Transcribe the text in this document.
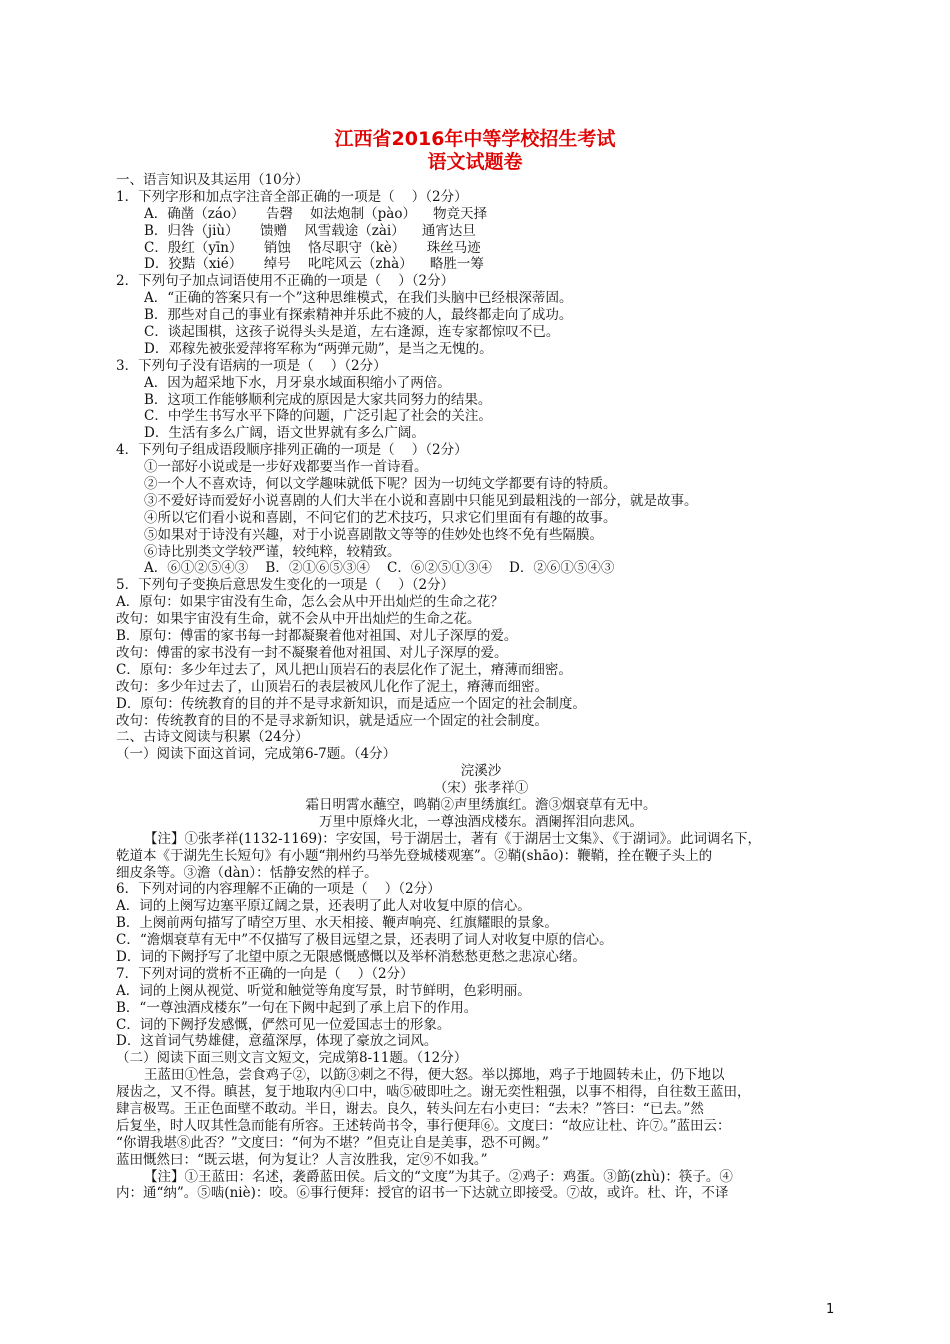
江西省2016年中等学校招生考试
语文试题卷
一、语言知识及其运用（10分）
1．下列字形和加点字注音全部正确的一项是（    ）（2分）
A．确凿（záo）     告磬    如法炮制（pào）    物竞天择
B．归咎（jiù）     馈赠    风雪载途（zài）    通宵达旦
C．殷红（yīn）     销蚀    恪尽职守（kè）     珠丝马迹
D．狡黠（xié）     绰号    叱咤风云（zhà）    略胜一筹
2．下列句子加点词语使用不正确的一项是（    ）（2分）
A．“正确的答案只有一个”这种思维模式，在我们头脑中已经根深蒂固。
B．那些对自己的事业有探索精神并乐此不疲的人，最终都走向了成功。
C．谈起围棋，这孩子说得头头是道，左右逢源，连专家都惊叹不已。
D．邓稼先被张爱萍将军称为“两弹元勋”，是当之无愧的。
3．下列句子没有语病的一项是（    ）（2分）
A．因为超采地下水，月牙泉水域面积缩小了两倍。
B．这项工作能够顺利完成的原因是大家共同努力的结果。
C．中学生书写水平下降的问题，广泛引起了社会的关注。
D．生活有多么广阔，语文世界就有多么广阔。
4．下列句子组成语段顺序排列正确的一项是（    ）（2分）
①一部好小说或是一步好戏都要当作一首诗看。
②一个人不喜欢诗，何以文学趣味就低下呢？因为一切纯文学都要有诗的特质。
③不爱好诗而爱好小说喜剧的人们大半在小说和喜剧中只能见到最粗浅的一部分，就是故事。
④所以它们看小说和喜剧，不问它们的艺术技巧，只求它们里面有有趣的故事。
⑤如果对于诗没有兴趣，对于小说喜剧散文等等的佳妙处也终不免有些隔膜。
⑥诗比别类文学较严谨，较纯粹，较精致。
A．⑥①②⑤④③    B．②①⑥⑤③④    C．⑥②⑤①③④    D．②⑥①⑤④③
5．下列句子变换后意思发生变化的一项是（    ）（2分）
A．原句：如果宇宙没有生命，怎么会从中开出灿烂的生命之花？
改句：如果宇宙没有生命，就不会从中开出灿烂的生命之花。
B．原句：傅雷的家书每一封都凝聚着他对祖国、对儿子深厚的爱。
改句：傅雷的家书没有一封不凝聚着他对祖国、对儿子深厚的爱。
C．原句：多少年过去了，风儿把山顶岩石的表层化作了泥土，瘠薄而细密。
改句：多少年过去了，山顶岩石的表层被风儿化作了泥土，瘠薄而细密。
D．原句：传统教育的目的并不是寻求新知识，而是适应一个固定的社会制度。
改句：传统教育的目的不是寻求新知识，就是适应一个固定的社会制度。
二、古诗文阅读与积累（24分）
（一）阅读下面这首词，完成第6-7题。（4分）
浣溪沙
（宋）张孝祥①
霜日明霄水蘸空，鸣鞘②声里绣旗红。澹③烟衰草有无中。
万里中原烽火北，一尊浊酒戍楼东。酒阑挥泪向悲风。
【注】①张孝祥(1132-1169)：字安国，号于湖居士，著有《于湖居士文集》、《于湖词》。此词调名下，
乾道本《于湖先生长短句》有小题“荆州约马举先登城楼观塞”。②鞘(shāo)：鞭鞘，拴在鞭子头上的
细皮条等。③澹（dàn）：恬静安然的样子。
6．下列对词的内容理解不正确的一项是（    ）（2分）
A．词的上阕写边塞平原辽阔之景，还表明了此人对收复中原的信心。
B．上阕前两句描写了晴空万里、水天相接、鞭声响亮、红旗耀眼的景象。
C．“澹烟衰草有无中”不仅描写了极目远望之景，还表明了词人对收复中原的信心。
D．词的下阙抒写了北望中原之无限感慨感慨以及举杯消愁愁更愁之悲凉心绪。
7．下列对词的赏析不正确的一向是（    ）（2分）
A．词的上阕从视觉、听觉和触觉等角度写景，时节鲜明，色彩明丽。
B．“一尊浊酒戍楼东”一句在下阙中起到了承上启下的作用。
C．词的下阙抒发感慨，俨然可见一位爱国志士的形象。
D．这首词气势雄健，意蕴深厚，体现了豪放之词风。
（二）阅读下面三则文言文短文，完成第8-11题。（12分）
王蓝田①性急，尝食鸡子②，以筯③刺之不得，便大怒。举以掷地，鸡子于地圆转未止，仍下地以
屐齿之，又不得。瞋甚，复于地取内④口中，啮⑤破即吐之。谢无奕性粗强，以事不相得，自往数王蓝田，
肆言极骂。王正色面壁不敢动。半日，谢去。良久，转头问左右小吏曰：“去未？”答曰：“已去。”然
后复坐，时人叹其性急而能有所容。王述转尚书令，事行便拜⑥。文度曰：“故应让杜、许⑦。”蓝田云：
“你谓我堪⑧此否？”文度曰：“何为不堪？”但克让自是美事，恐不可阙。”
蓝田慨然曰：“既云堪，何为复让？人言汝胜我，定⑨不如我。”
【注】①王蓝田：名述，袭爵蓝田侯。后文的“文度”为其子。②鸡子：鸡蛋。③筯(zhù)：筷子。④
内：通“纳”。⑤啮(niè)：咬。⑥事行便拜：授官的诏书一下达就立即接受。⑦故，或许。杜、许，不译
1
